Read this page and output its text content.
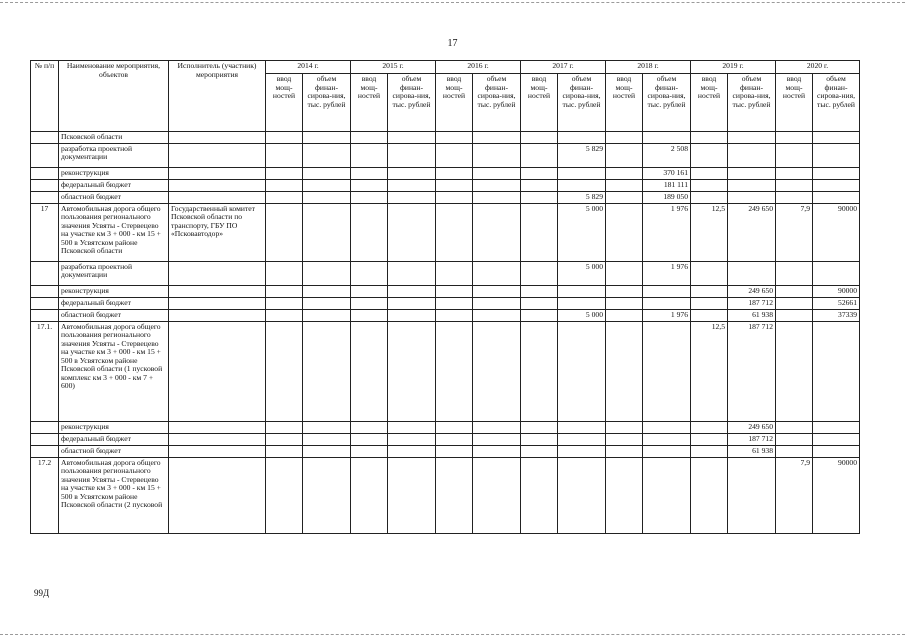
17
№ п/п	Наименование мероприятия, объектов	Исполнитель (участник) мероприятия	2014 г.		2015 г.		2016 г.		2017 г.		2018 г.		2019 г.		2020 г.	
			ввод мощ-ностей	объем финан-сирова-ния, тыс. рублей	ввод мощ-ностей	объем финан-сирова-ния, тыс. рублей	ввод мощ-ностей	объем финан-сирова-ния, тыс. рублей	ввод мощ-ностей	объем финан-сирова-ния, тыс. рублей	ввод мощ-ностей	объем финан-сирова-ния, тыс. рублей	ввод мощ-ностей	объем финан-сирова-ния, тыс. рублей	ввод мощ-ностей	объем финан-сирова-ния, тыс. рублей
	Псковской области															
	разработка проектной документации									5 829		2 508				
	реконструкция											370 161				
	федеральный бюджет											181 111				
	областной бюджет									5 829		189 050				
17	Автомобильная дорога общего пользования регионального значения Усвяты - Стервецево на участке км 3 + 000 - км 15 + 500 в Усвятском районе Псковской области	Государственный комитет Псковской области по транспорту, ГБУ ПО «Псковавтодор»								5 000		1 976	12,5	249 650	7,9	90000
	разработка проектной документации									5 000		1 976				
	реконструкция													249 650		90000
	федеральный бюджет													187 712		52661
	областной бюджет									5 000		1 976		61 938		37339
17.1.	Автомобильная дорога общего пользования регионального значения Усвяты - Стервецево на участке км 3 + 000 - км 15 + 500 в Усвятском районе Псковской области (1 пусковой комплекс км 3 + 000 - км 7 + 600)												12,5	187 712		
	реконструкция													249 650		
	федеральный бюджет													187 712		
	областной бюджет													61 938		
17.2	Автомобильная дорога общего пользования регионального значения Усвяты - Стервецево на участке км 3 + 000 - км 15 + 500 в Усвятском районе Псковской области (2 пусковой														7,9	90000
99Д
